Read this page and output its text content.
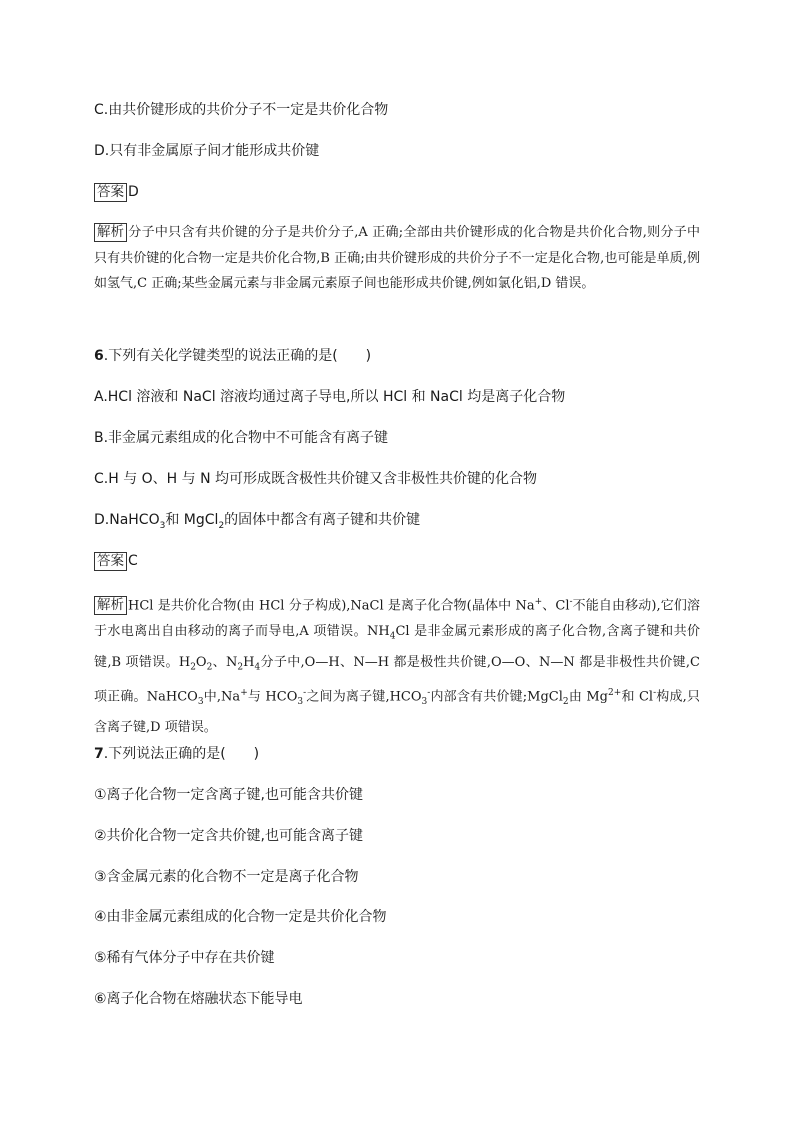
C.由共价键形成的共价分子不一定是共价化合物
D.只有非金属原子间才能形成共价键
答案 D
解析 分子中只含有共价键的分子是共价分子,A 正确;全部由共价键形成的化合物是共价化合物,则分子中只有共价键的化合物一定是共价化合物,B 正确;由共价键形成的共价分子不一定是化合物,也可能是单质,例如氢气,C 正确;某些金属元素与非金属元素原子间也能形成共价键,例如氯化铝,D 错误。
6.下列有关化学键类型的说法正确的是(　　)
A.HCl 溶液和 NaCl 溶液均通过离子导电,所以 HCl 和 NaCl 均是离子化合物
B.非金属元素组成的化合物中不可能含有离子键
C.H 与 O、H 与 N 均可形成既含极性共价键又含非极性共价键的化合物
D.NaHCO$_3$和 MgCl$_2$的固体中都含有离子键和共价键
答案 C
解析 HCl 是共价化合物(由 HCl 分子构成),NaCl 是离子化合物(晶体中 Na+、Cl-不能自由移动),它们溶于水电离出自由移动的离子而导电,A 项错误。$NH_4Cl$ 是非金属元素形成的离子化合物,含离子键和共价键,B 项错误。$H_2O_2$、$N_2H_4$分子中,O—H、N—H 都是极性共价键,O—O、N—N 都是非极性共价键,C 项正确。NaHCO$_3$中,Na+与 $HCO_3^-$之间为离子键$,HCO_3^-$内部含有共价键;MgCl$_2$由 $Mg^{2+}$和 Cl-构成,只含离子键,D 项错误。
7.下列说法正确的是(　　)
①离子化合物一定含离子键,也可能含共价键
②共价化合物一定含共价键,也可能含离子键
③含金属元素的化合物不一定是离子化合物
④由非金属元素组成的化合物一定是共价化合物
⑤稀有气体分子中存在共价键
⑥离子化合物在熔融状态下能导电
